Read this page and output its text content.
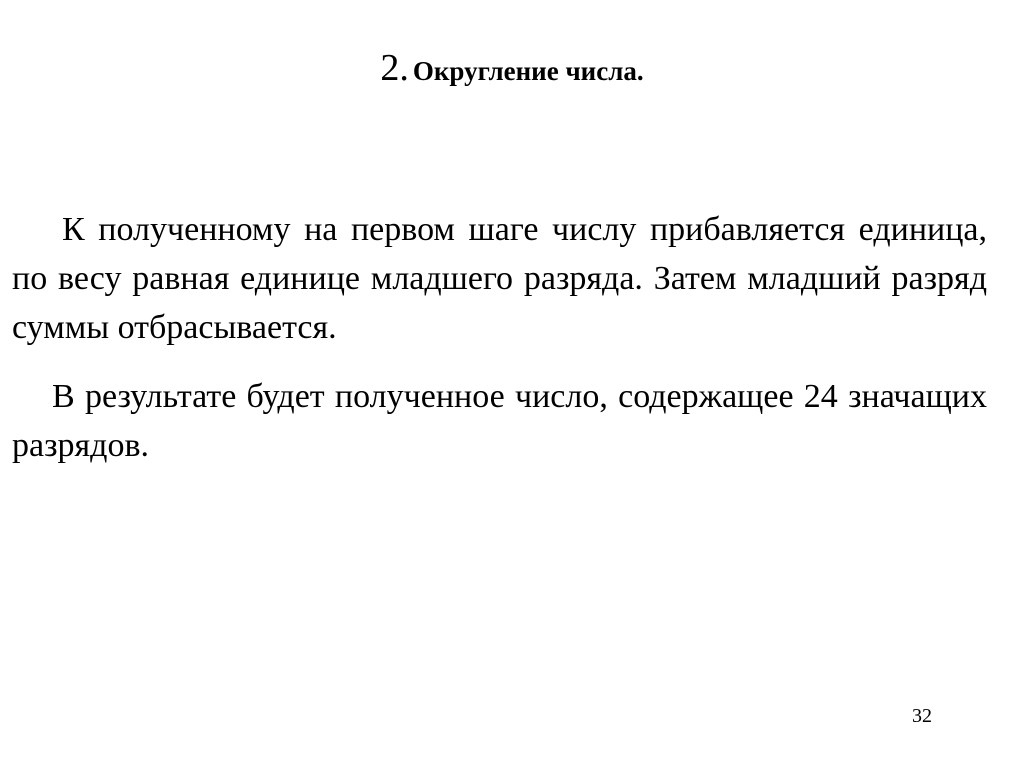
2. Округление числа.

К полученному на первом шаге числу прибавляется единица, по весу равная единице младшего разряда. Затем младший разряд суммы отбрасывается.

В результате будет полученное число, содержащее 24 значащих разрядов.

32
